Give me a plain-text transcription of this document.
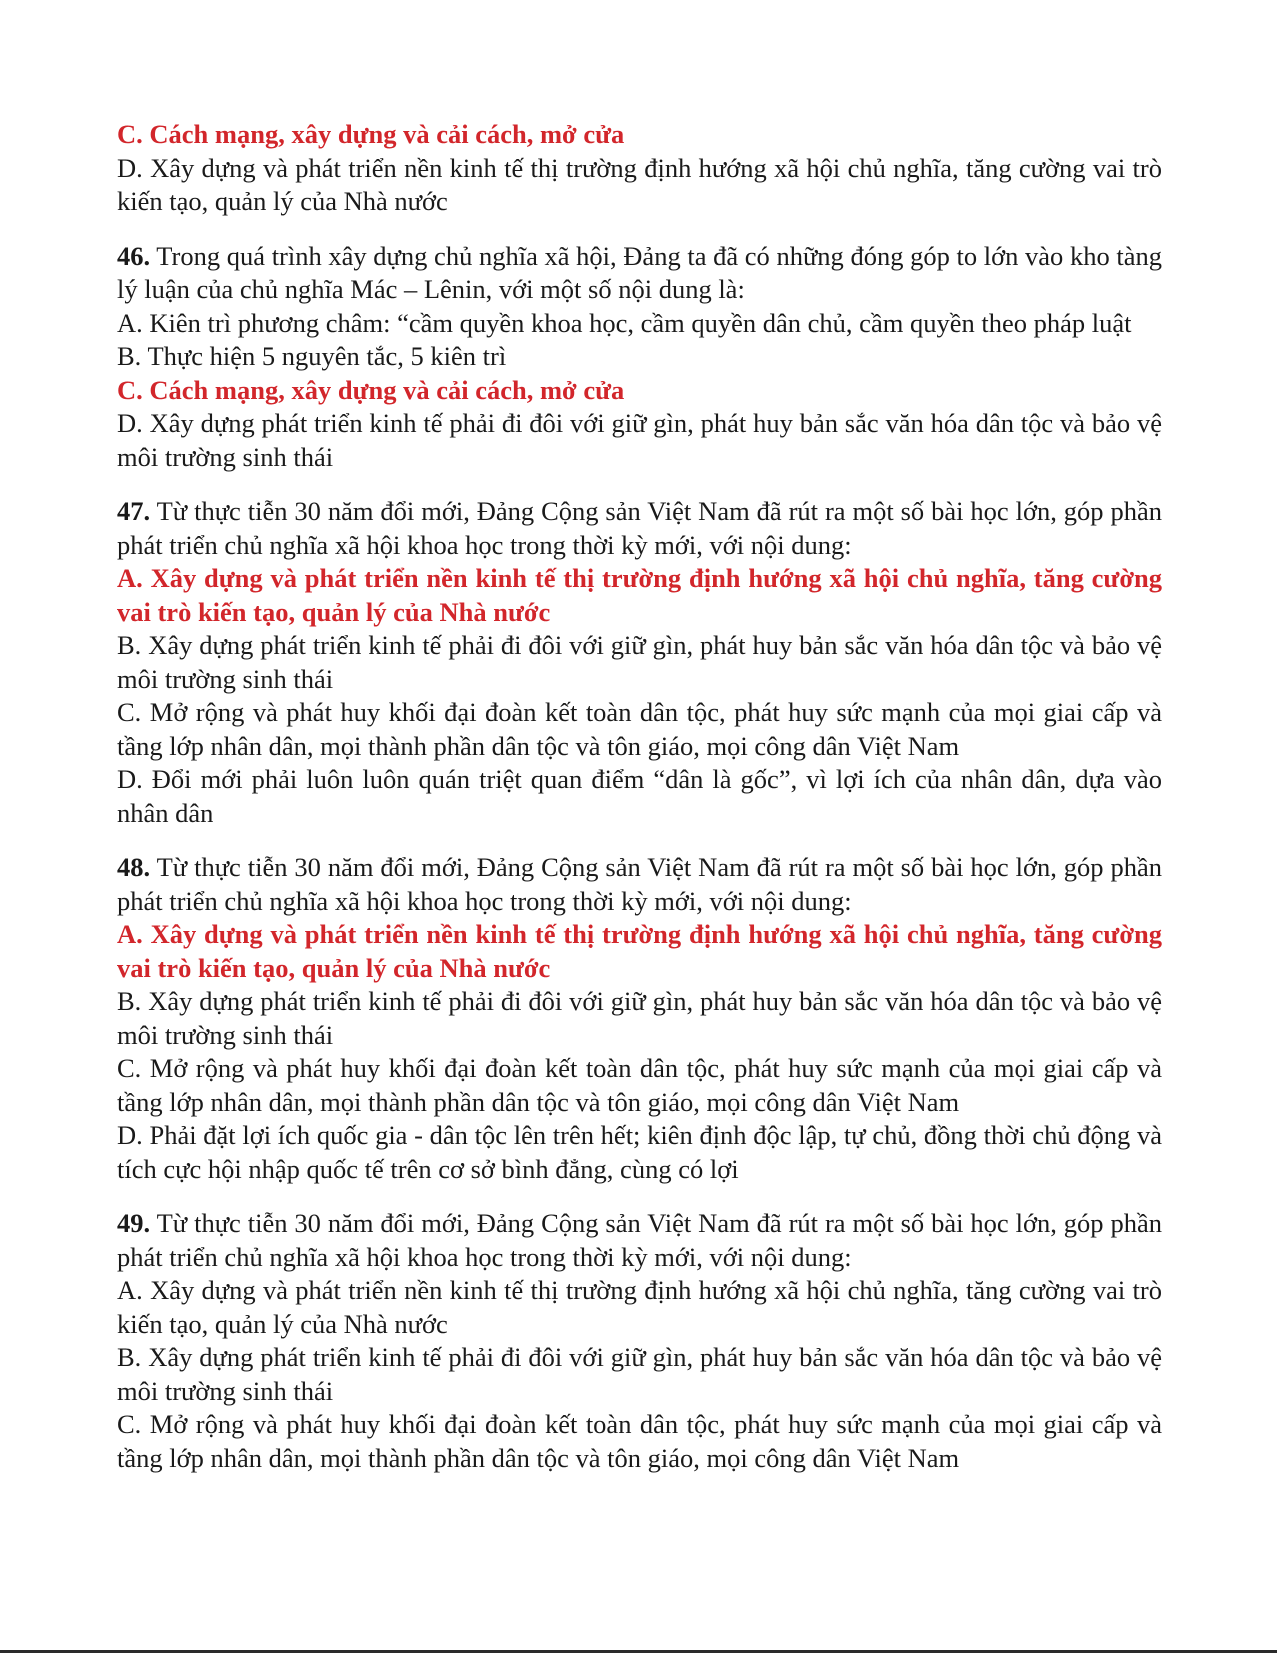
C. Cách mạng, xây dựng và cải cách, mở cửa

D. Xây dựng và phát triển nền kinh tế thị trường định hướng xã hội chủ nghĩa, tăng cường vai trò kiến tạo, quản lý của Nhà nước

46. Trong quá trình xây dựng chủ nghĩa xã hội, Đảng ta đã có những đóng góp to lớn vào kho tàng lý luận của chủ nghĩa Mác – Lênin, với một số nội dung là:

A. Kiên trì phương châm: “cầm quyền khoa học, cầm quyền dân chủ, cầm quyền theo pháp luật

B. Thực hiện 5 nguyên tắc, 5 kiên trì

C. Cách mạng, xây dựng và cải cách, mở cửa

D. Xây dựng phát triển kinh tế phải đi đôi với giữ gìn, phát huy bản sắc văn hóa dân tộc và bảo vệ môi trường sinh thái

47. Từ thực tiễn 30 năm đổi mới, Đảng Cộng sản Việt Nam đã rút ra một số bài học lớn, góp phần phát triển chủ nghĩa xã hội khoa học trong thời kỳ mới, với nội dung:

A. Xây dựng và phát triển nền kinh tế thị trường định hướng xã hội chủ nghĩa, tăng cường vai trò kiến tạo, quản lý của Nhà nước

B. Xây dựng phát triển kinh tế phải đi đôi với giữ gìn, phát huy bản sắc văn hóa dân tộc và bảo vệ môi trường sinh thái

C. Mở rộng và phát huy khối đại đoàn kết toàn dân tộc, phát huy sức mạnh của mọi giai cấp và tầng lớp nhân dân, mọi thành phần dân tộc và tôn giáo, mọi công dân Việt Nam

D. Đổi mới phải luôn luôn quán triệt quan điểm “dân là gốc”, vì lợi ích của nhân dân, dựa vào nhân dân

48. Từ thực tiễn 30 năm đổi mới, Đảng Cộng sản Việt Nam đã rút ra một số bài học lớn, góp phần phát triển chủ nghĩa xã hội khoa học trong thời kỳ mới, với nội dung:

A. Xây dựng và phát triển nền kinh tế thị trường định hướng xã hội chủ nghĩa, tăng cường vai trò kiến tạo, quản lý của Nhà nước

B. Xây dựng phát triển kinh tế phải đi đôi với giữ gìn, phát huy bản sắc văn hóa dân tộc và bảo vệ môi trường sinh thái

C. Mở rộng và phát huy khối đại đoàn kết toàn dân tộc, phát huy sức mạnh của mọi giai cấp và tầng lớp nhân dân, mọi thành phần dân tộc và tôn giáo, mọi công dân Việt Nam

D. Phải đặt lợi ích quốc gia - dân tộc lên trên hết; kiên định độc lập, tự chủ, đồng thời chủ động và tích cực hội nhập quốc tế trên cơ sở bình đẳng, cùng có lợi

49. Từ thực tiễn 30 năm đổi mới, Đảng Cộng sản Việt Nam đã rút ra một số bài học lớn, góp phần phát triển chủ nghĩa xã hội khoa học trong thời kỳ mới, với nội dung:

A. Xây dựng và phát triển nền kinh tế thị trường định hướng xã hội chủ nghĩa, tăng cường vai trò kiến tạo, quản lý của Nhà nước

B. Xây dựng phát triển kinh tế phải đi đôi với giữ gìn, phát huy bản sắc văn hóa dân tộc và bảo vệ môi trường sinh thái

C. Mở rộng và phát huy khối đại đoàn kết toàn dân tộc, phát huy sức mạnh của mọi giai cấp và tầng lớp nhân dân, mọi thành phần dân tộc và tôn giáo, mọi công dân Việt Nam
